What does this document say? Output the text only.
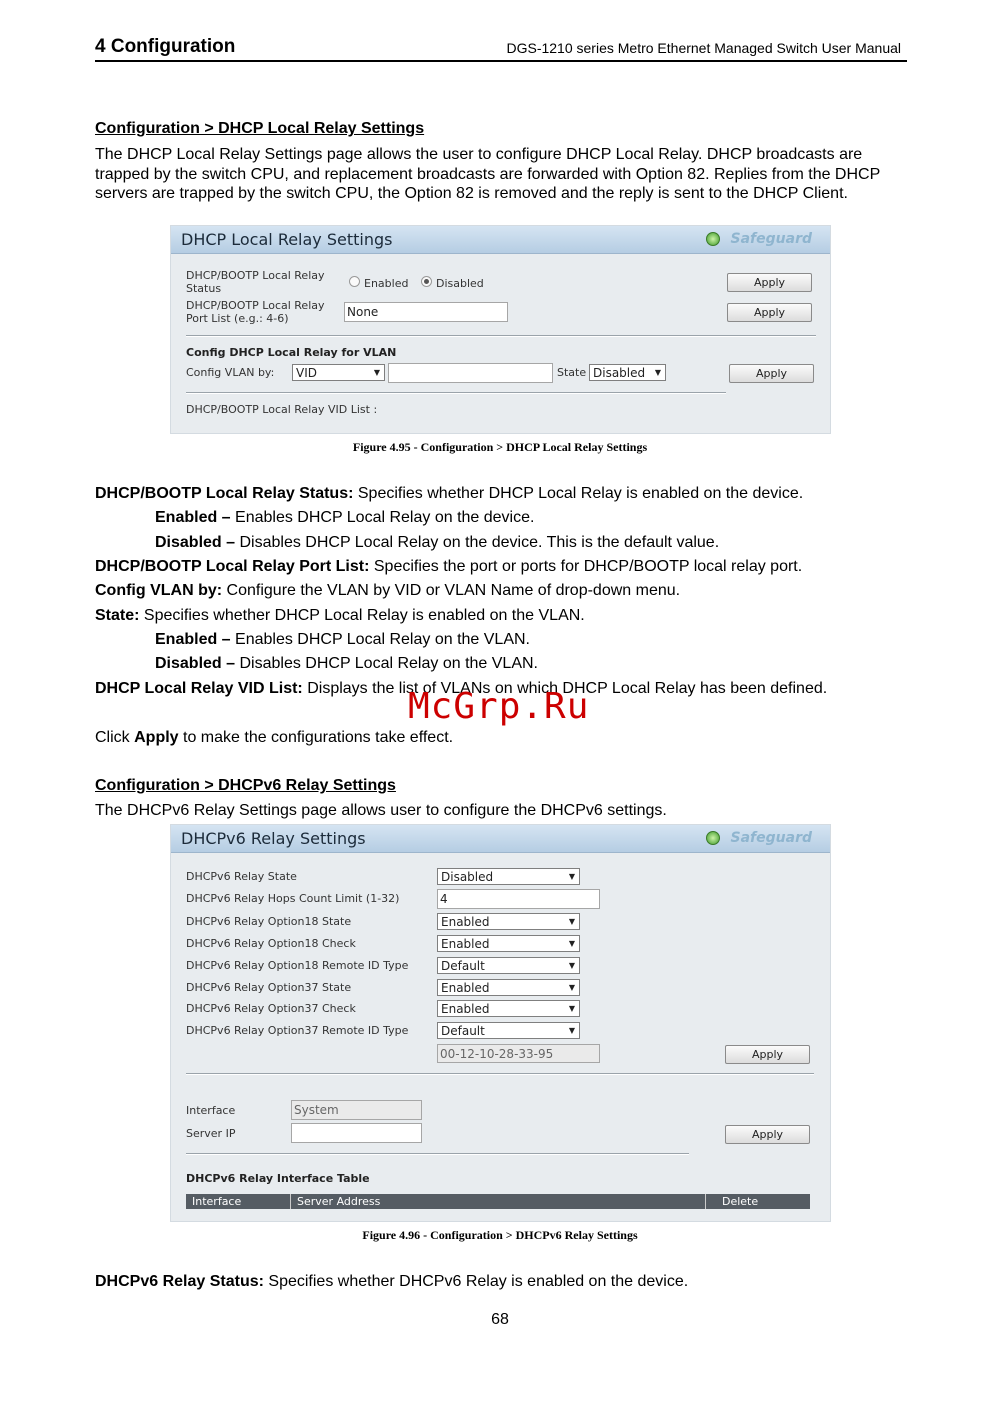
4 Configuration	DGS-1210 series Metro Ethernet Managed Switch User Manual
Configuration > DHCP Local Relay Settings
The DHCP Local Relay Settings page allows the user to configure DHCP Local Relay. DHCP broadcasts are trapped by the switch CPU, and replacement broadcasts are forwarded with Option 82. Replies from the DHCP servers are trapped by the switch CPU, the Option 82 is removed and the reply is sent to the DHCP Client.
DHCP Local Relay Settings	Safeguard
DHCP/BOOTP Local Relay Status	Enabled	Disabled	Apply
DHCP/BOOTP Local Relay Port List (e.g.: 4-6)	None	Apply
Config DHCP Local Relay for VLAN
Config VLAN by:	VID	▼	State Disabled ▼	Apply
DHCP/BOOTP Local Relay VID List :
Figure 4.95 - Configuration > DHCP Local Relay Settings
DHCP/BOOTP Local Relay Status: Specifies whether DHCP Local Relay is enabled on the device.
Enabled – Enables DHCP Local Relay on the device.
Disabled – Disables DHCP Local Relay on the device. This is the default value.
DHCP/BOOTP Local Relay Port List: Specifies the port or ports for DHCP/BOOTP local relay port.
Config VLAN by: Configure the VLAN by VID or VLAN Name of drop-down menu.
State: Specifies whether DHCP Local Relay is enabled on the VLAN.
Enabled – Enables DHCP Local Relay on the VLAN.
Disabled – Disables DHCP Local Relay on the VLAN.
DHCP Local Relay VID List: Displays the list of VLANs on which DHCP Local Relay has been defined.
McGrp.Ru
Click Apply to make the configurations take effect.
Configuration > DHCPv6 Relay Settings
The DHCPv6 Relay Settings page allows user to configure the DHCPv6 settings.
DHCPv6 Relay Settings	Safeguard
DHCPv6 Relay State	Disabled	▼
DHCPv6 Relay Hops Count Limit (1-32)	4
DHCPv6 Relay Option18 State	Enabled	▼
DHCPv6 Relay Option18 Check	Enabled	▼
DHCPv6 Relay Option18 Remote ID Type	Default	▼
DHCPv6 Relay Option37 State	Enabled	▼
DHCPv6 Relay Option37 Check	Enabled	▼
DHCPv6 Relay Option37 Remote ID Type	Default	▼
00-12-10-28-33-95	Apply
Interface	System
Server IP	Apply
DHCPv6 Relay Interface Table
Interface	Server Address	Delete
Figure 4.96 - Configuration > DHCPv6 Relay Settings
DHCPv6 Relay Status: Specifies whether DHCPv6 Relay is enabled on the device.
68
